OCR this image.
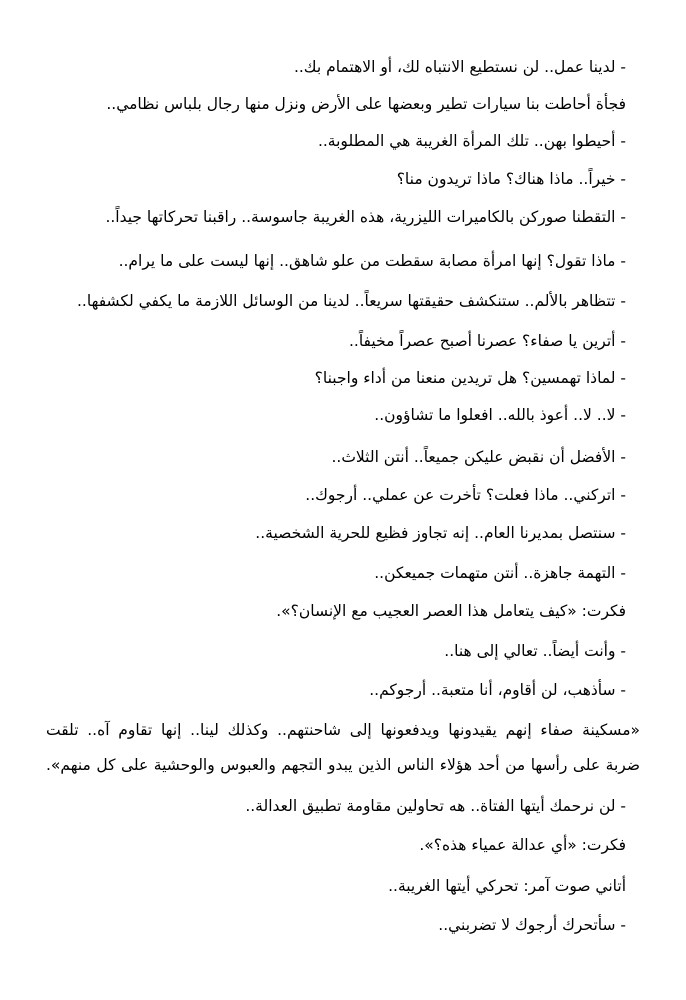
- لدينا عمل.. لن نستطيع الانتباه لك، أو الاهتمام بك..
فجأة أحاطت بنا سيارات تطير وبعضها على الأرض ونزل منها رجال بلباس نظامي..
- أحيطوا بهن.. تلك المرأة الغريبة هي المطلوبة..
- خيراً.. ماذا هناك؟ ماذا تريدون منا؟
- التقطنا صوركن بالكاميرات الليزرية، هذه الغريبة جاسوسة.. راقبنا تحركاتها جيداً..
- ماذا تقول؟ إنها امرأة مصابة سقطت من علو شاهق.. إنها ليست على ما يرام..
- تتظاهر بالألم.. ستنكشف حقيقتها سريعاً.. لدينا من الوسائل اللازمة ما يكفي لكشفها..
- أترين يا صفاء؟ عصرنا أصبح عصراً مخيفاً..
- لماذا تهمسين؟ هل تريدين منعنا من أداء واجبنا؟
- لا.. لا.. أعوذ بالله.. افعلوا ما تشاؤون..
- الأفضل أن نقبض عليكن جميعاً.. أنتن الثلاث..
- اتركني.. ماذا فعلت؟ تأخرت عن عملي.. أرجوك..
- سنتصل بمديرنا العام.. إنه تجاوز فظيع للحرية الشخصية..
- التهمة جاهزة.. أنتن متهمات جميعكن..
فكرت: «كيف يتعامل هذا العصر العجيب مع الإنسان؟».
- وأنت أيضاً.. تعالي إلى هنا..
- سأذهب، لن أقاوم، أنا متعبة.. أرجوكم..
«مسكينة صفاء إنهم يقيدونها ويدفعونها إلى شاحنتهم.. وكذلك لينا.. إنها تقاوم آه.. تلقت
ضربة على رأسها من أحد هؤلاء الناس الذين يبدو التجهم والعبوس والوحشية على كل منهم».
- لن نرحمك أيتها الفتاة.. هه تحاولين مقاومة تطبيق العدالة..
فكرت: «أي عدالة عمياء هذه؟».
أتاني صوت آمر: تحركي أيتها الغريبة..
- سأتحرك أرجوك لا تضربني..
